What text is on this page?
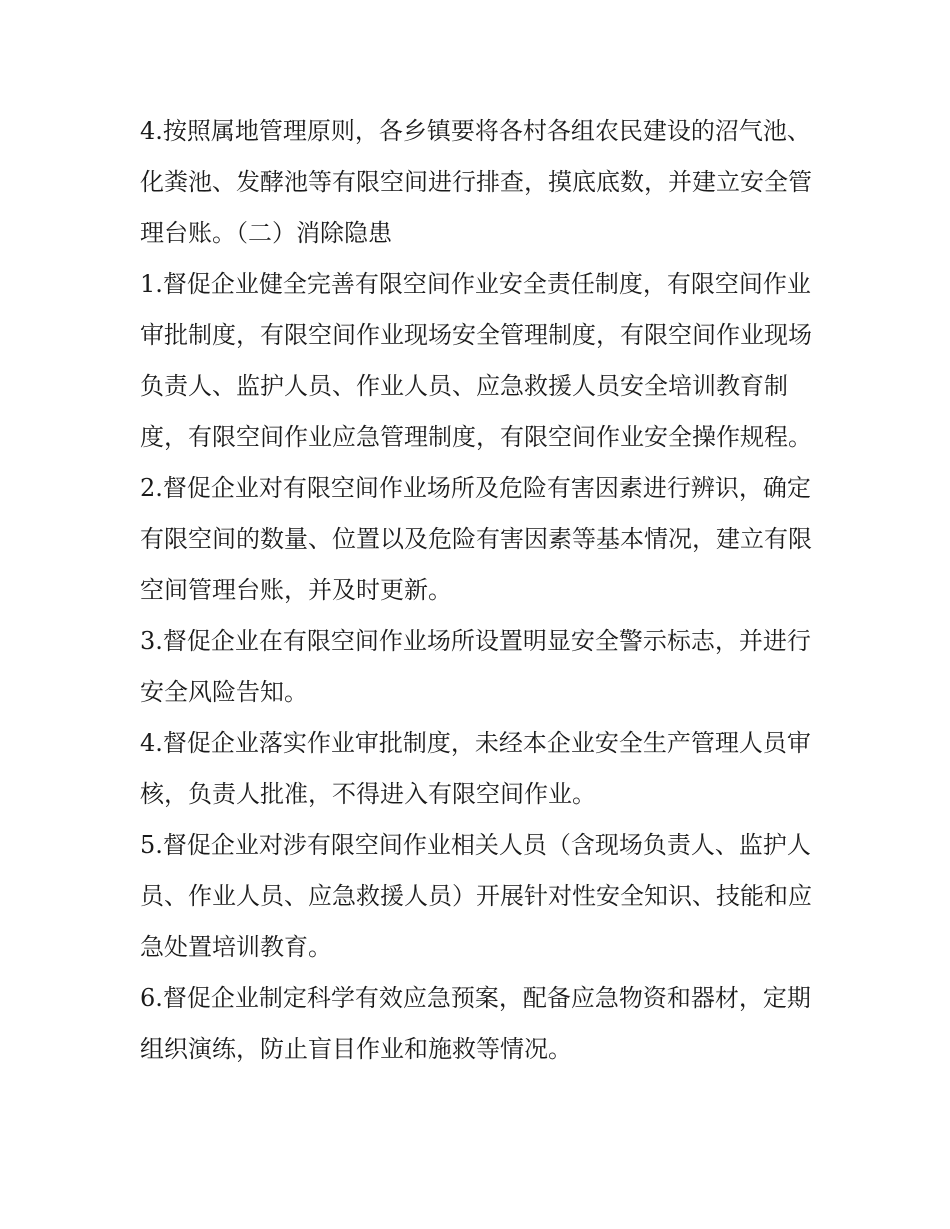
4.按照属地管理原则，各乡镇要将各村各组农民建设的沼气池、化粪池、发酵池等有限空间进行排查，摸底底数，并建立安全管理台账。（二）消除隐患

1.督促企业健全完善有限空间作业安全责任制度，有限空间作业审批制度，有限空间作业现场安全管理制度，有限空间作业现场负责人、监护人员、作业人员、应急救援人员安全培训教育制度，有限空间作业应急管理制度，有限空间作业安全操作规程。

2.督促企业对有限空间作业场所及危险有害因素进行辨识，确定有限空间的数量、位置以及危险有害因素等基本情况，建立有限空间管理台账，并及时更新。

3.督促企业在有限空间作业场所设置明显安全警示标志，并进行安全风险告知。

4.督促企业落实作业审批制度，未经本企业安全生产管理人员审核，负责人批准，不得进入有限空间作业。

5.督促企业对涉有限空间作业相关人员（含现场负责人、监护人员、作业人员、应急救援人员）开展针对性安全知识、技能和应急处置培训教育。

6.督促企业制定科学有效应急预案，配备应急物资和器材，定期组织演练，防止盲目作业和施救等情况。
